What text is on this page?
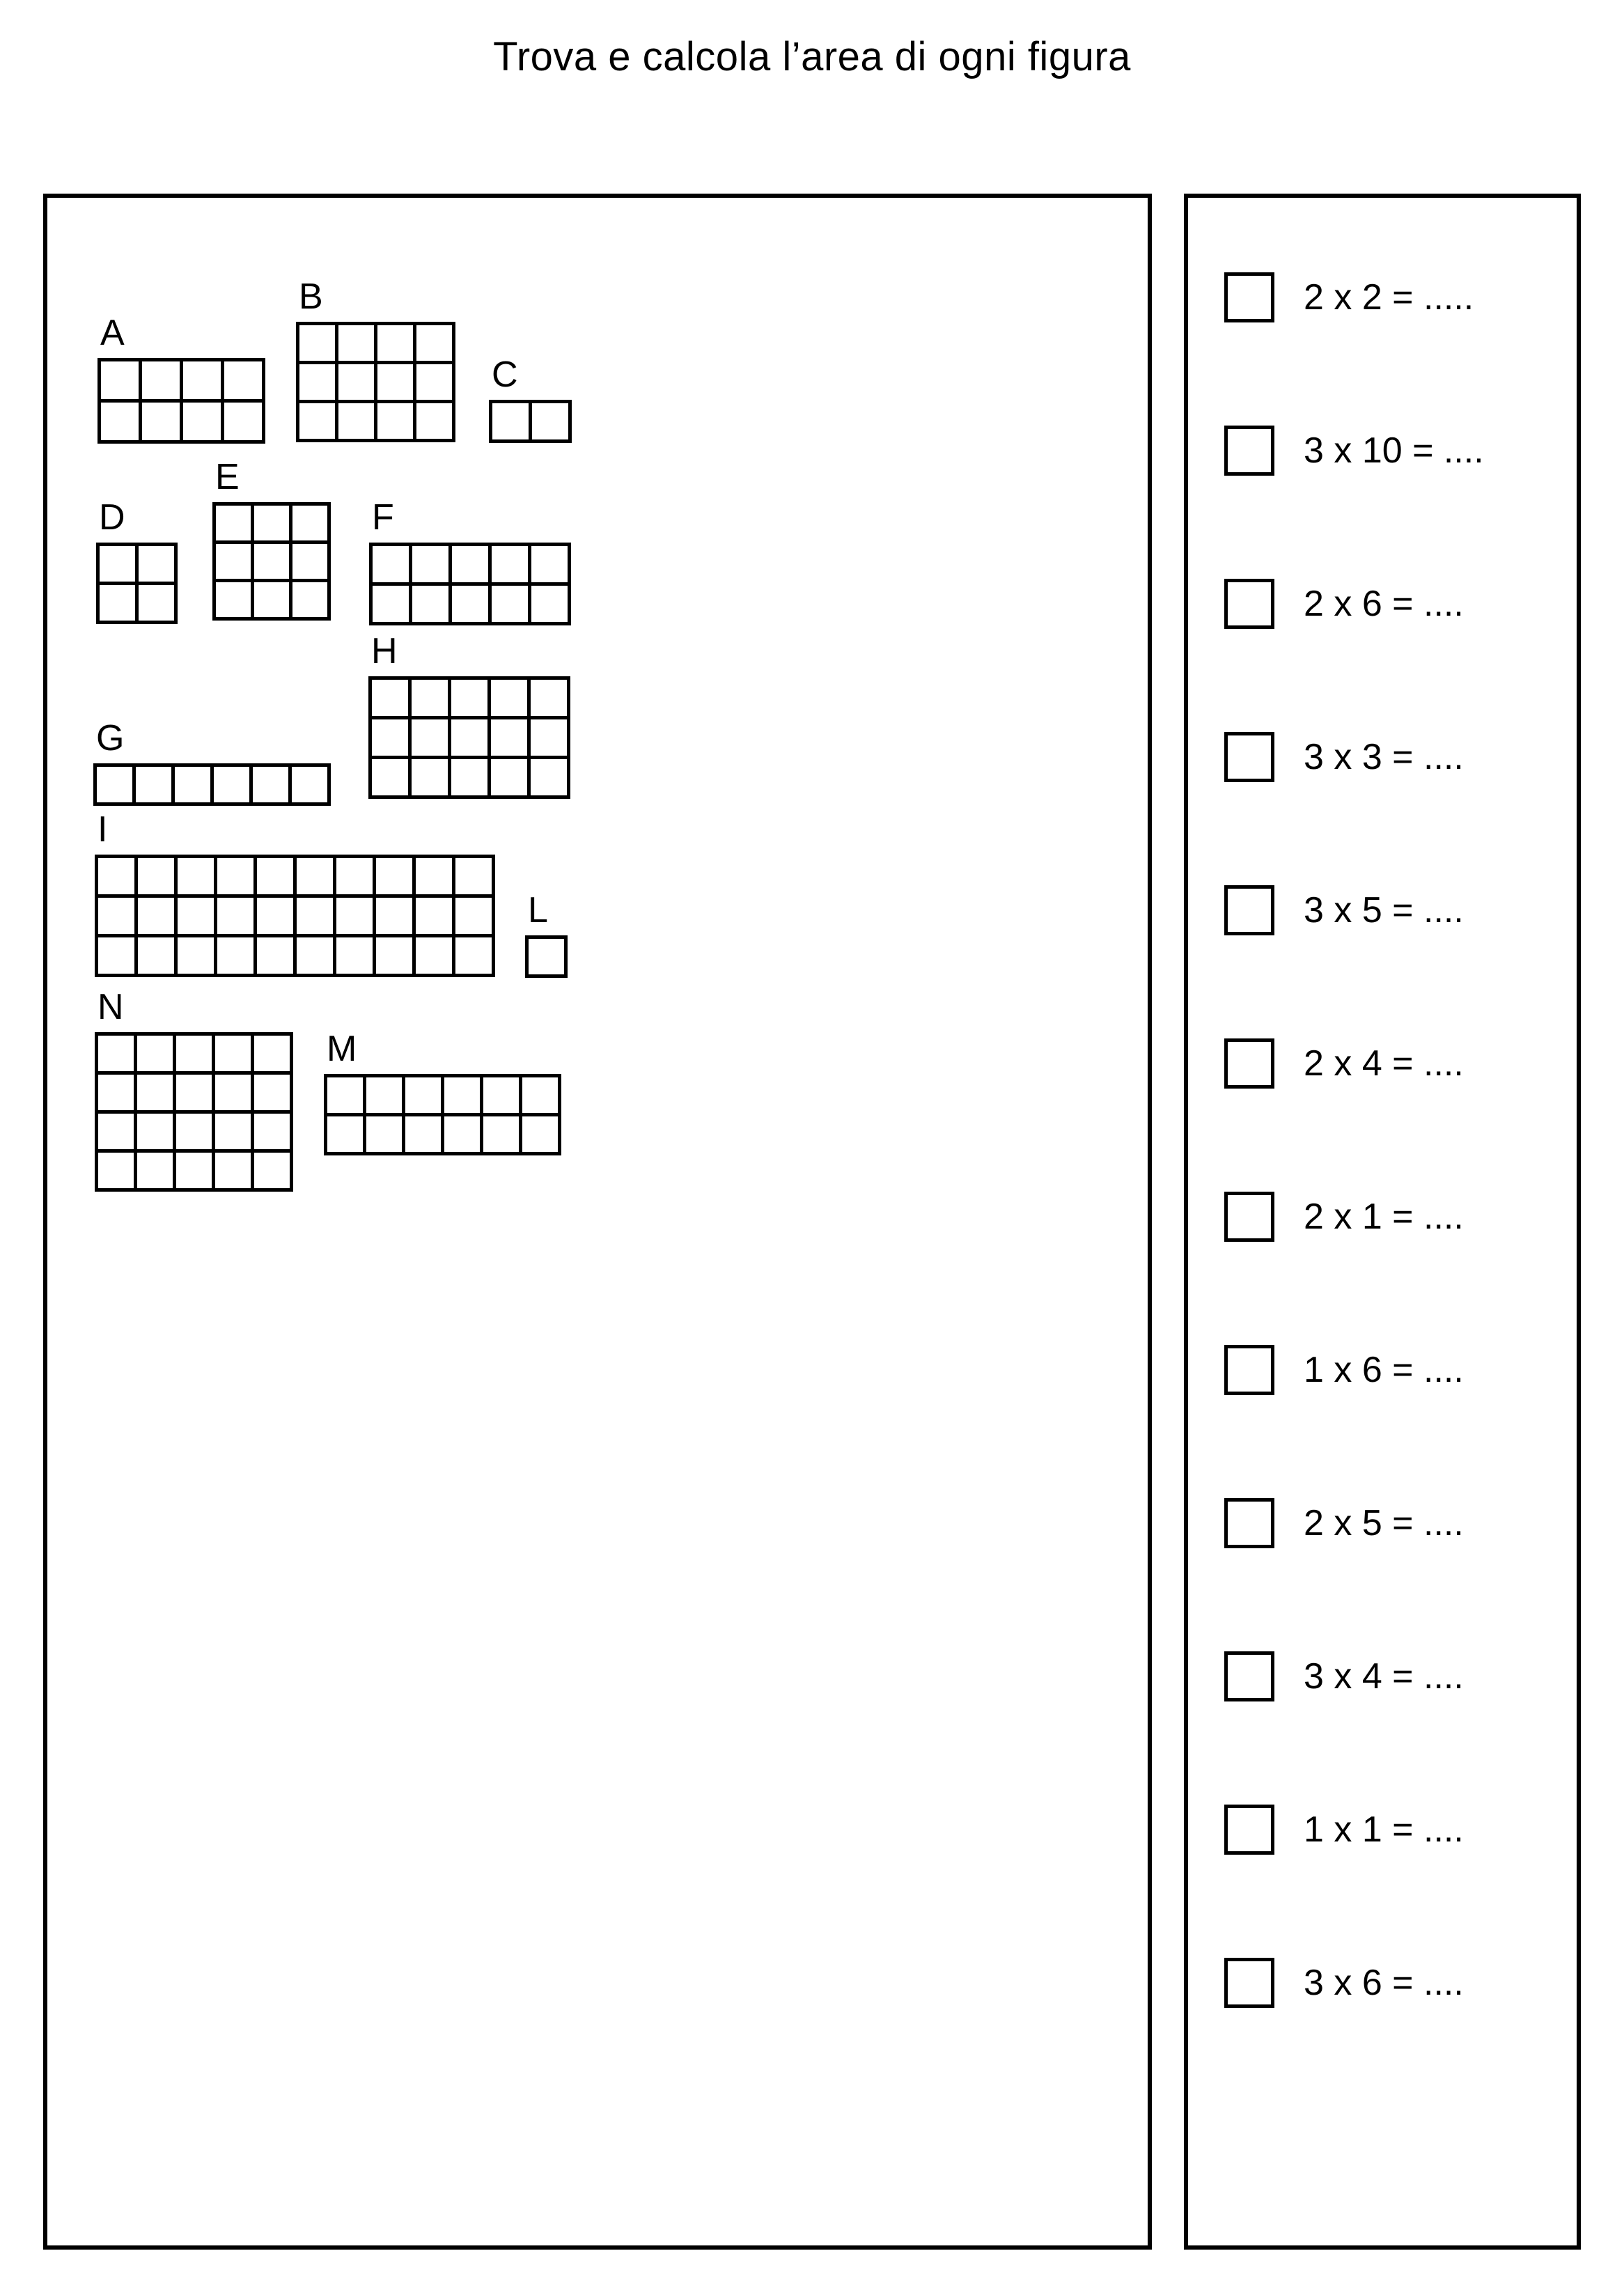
Trova e calcola l’area di ogni figura
A
B
C
D
E
F
G
H
I
L
N
M
2 x 2 = .....
3 x 10 = ....
2 x 6 = ....
3 x 3 = ....
3 x 5 = ....
2 x 4 = ....
2 x 1 = ....
1 x 6 = ....
2 x 5 = ....
3 x 4 = ....
1 x 1 = ....
3 x 6 = ....
